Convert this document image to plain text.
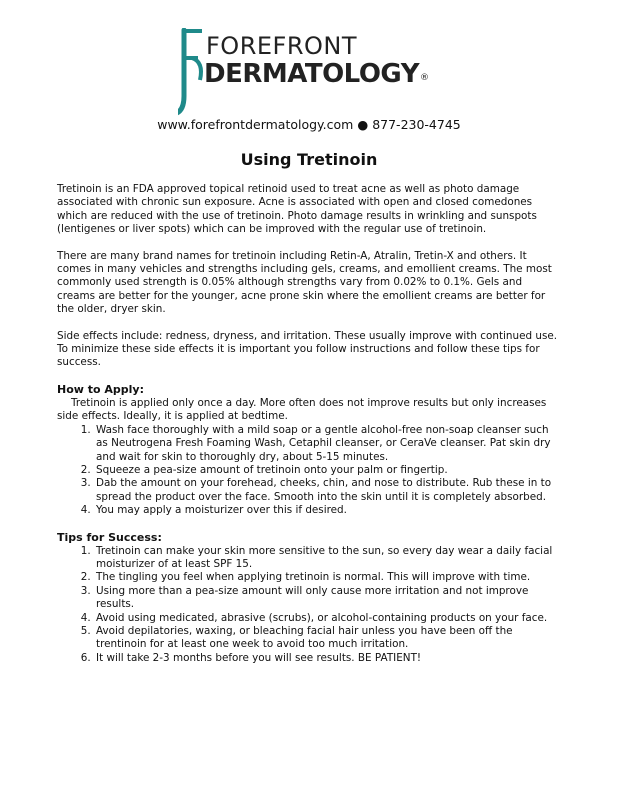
FOREFRONT
DERMATOLOGY®
www.forefrontdermatology.com ● 877-230-4745
Using Tretinoin

Tretinoin is an FDA approved topical retinoid used to treat acne as well as photo damage associated with chronic sun exposure. Acne is associated with open and closed comedones which are reduced with the use of tretinoin. Photo damage results in wrinkling and sunspots (lentigenes or liver spots) which can be improved with the regular use of tretinoin.

There are many brand names for tretinoin including Retin-A, Atralin, Tretin-X and others. It comes in many vehicles and strengths including gels, creams, and emollient creams. The most commonly used strength is 0.05% although strengths vary from 0.02% to 0.1%. Gels and creams are better for the younger, acne prone skin where the emollient creams are better for the older, dryer skin.

Side effects include: redness, dryness, and irritation. These usually improve with continued use. To minimize these side effects it is important you follow instructions and follow these tips for success.

How to Apply:

Tretinoin is applied only once a day. More often does not improve results but only increases side effects. Ideally, it is applied at bedtime.

1. Wash face thoroughly with a mild soap or a gentle alcohol-free non-soap cleanser such as Neutrogena Fresh Foaming Wash, Cetaphil cleanser, or CeraVe cleanser. Pat skin dry and wait for skin to thoroughly dry, about 5-15 minutes.
2. Squeeze a pea-size amount of tretinoin onto your palm or fingertip.
3. Dab the amount on your forehead, cheeks, chin, and nose to distribute. Rub these in to spread the product over the face. Smooth into the skin until it is completely absorbed.
4. You may apply a moisturizer over this if desired.
Tips for Success:
1. Tretinoin can make your skin more sensitive to the sun, so every day wear a daily facial moisturizer of at least SPF 15.
2. The tingling you feel when applying tretinoin is normal. This will improve with time.
3. Using more than a pea-size amount will only cause more irritation and not improve results.
4. Avoid using medicated, abrasive (scrubs), or alcohol-containing products on your face.
5. Avoid depilatories, waxing, or bleaching facial hair unless you have been off the trentinoin for at least one week to avoid too much irritation.
6. It will take 2-3 months before you will see results. BE PATIENT!
